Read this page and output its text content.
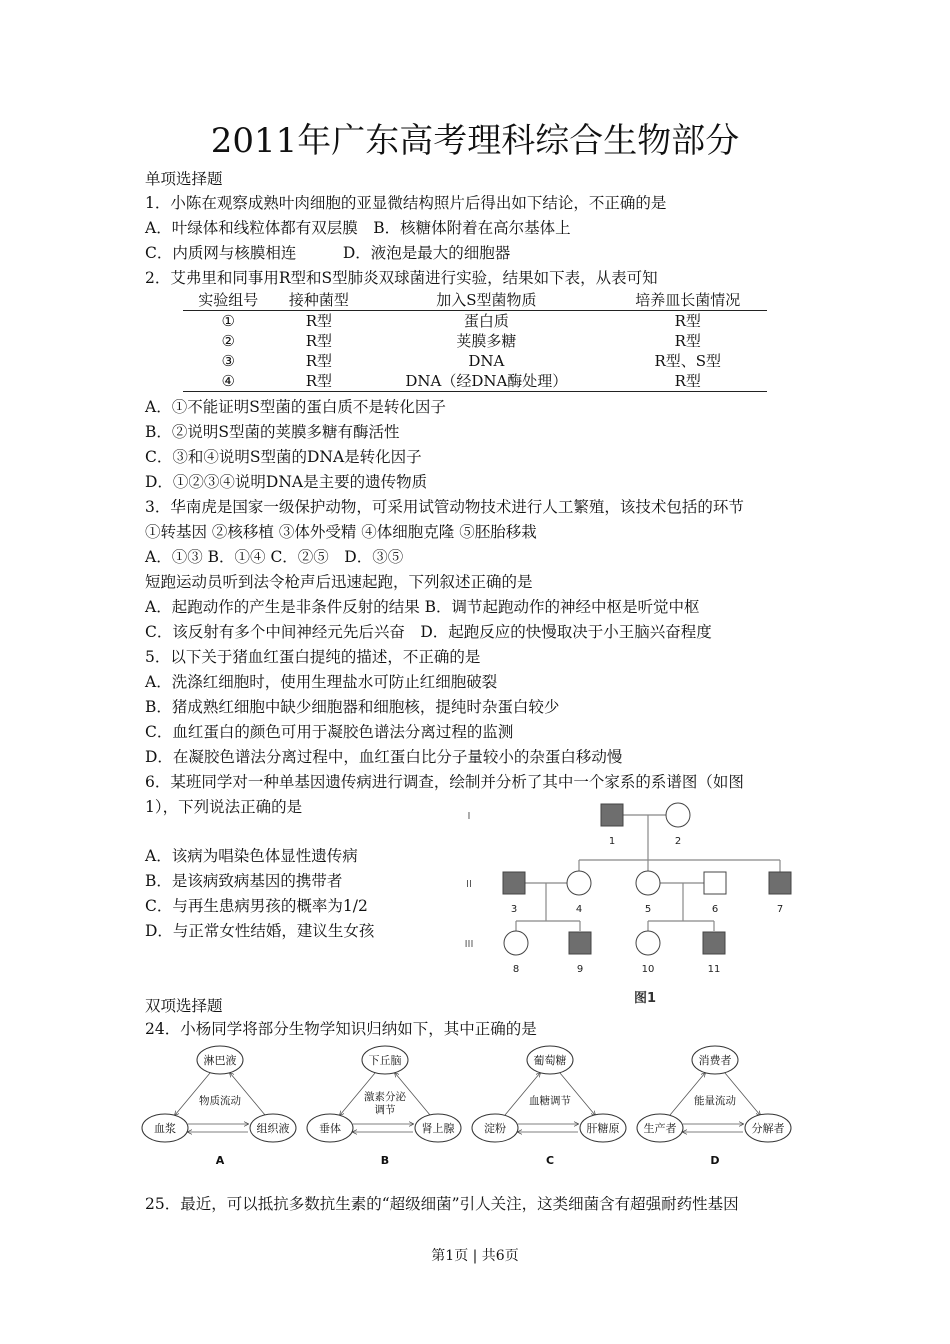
2011年广东高考理科综合生物部分
单项选择题
1．小陈在观察成熟叶肉细胞的亚显微结构照片后得出如下结论，不正确的是
A．叶绿体和线粒体都有双层膜　B．核糖体附着在高尔基体上
C．内质网与核膜相连　　　D．液泡是最大的细胞器
2．艾弗里和同事用R型和S型肺炎双球菌进行实验，结果如下表，从表可知
实验组号	接种菌型	加入S型菌物质	培养皿长菌情况
①	R型	蛋白质	R型
②	R型	荚膜多糖	R型
③	R型	DNA	R型、S型
④	R型	DNA（经DNA酶处理）	R型
A．①不能证明S型菌的蛋白质不是转化因子
B．②说明S型菌的荚膜多糖有酶活性
C．③和④说明S型菌的DNA是转化因子
D．①②③④说明DNA是主要的遗传物质
3．华南虎是国家一级保护动物，可采用试管动物技术进行人工繁殖，该技术包括的环节
①转基因 ②核移植 ③体外受精 ④体细胞克隆 ⑤胚胎移栽
A．①③ B．①④ C．②⑤　D．③⑤
短跑运动员听到法令枪声后迅速起跑，下列叙述正确的是
A．起跑动作的产生是非条件反射的结果 B．调节起跑动作的神经中枢是听觉中枢
C．该反射有多个中间神经元先后兴奋　D．起跑反应的快慢取决于小王脑兴奋程度
5．以下关于猪血红蛋白提纯的描述，不正确的是
A．洗涤红细胞时，使用生理盐水可防止红细胞破裂
B．猪成熟红细胞中缺少细胞器和细胞核，提纯时杂蛋白较少
C．血红蛋白的颜色可用于凝胶色谱法分离过程的监测
D．在凝胶色谱法分离过程中，血红蛋白比分子量较小的杂蛋白移动慢
6．某班同学对一种单基因遗传病进行调查，绘制并分析了其中一个家系的系谱图（如图
1），下列说法正确的是
A．该病为唱染色体显性遗传病
B．是该病致病基因的携带者
C．与再生患病男孩的概率为1/2
D．与正常女性结婚，建议生女孩
1	2
3	4	5	6	7
8	9	10	11
I
II
III
图1
双项选择题
24．小杨同学将部分生物学知识归纳如下，其中正确的是
淋巴液
血浆	组织液
物质流动
A
下丘脑
垂体	肾上腺
激素分泌
调节
B
葡萄糖
淀粉	肝糖原
血糖调节
C
消费者
生产者	分解者
能量流动
D
25．最近，可以抵抗多数抗生素的“超级细菌”引人关注，这类细菌含有超强耐药性基因
第1页 | 共6页
